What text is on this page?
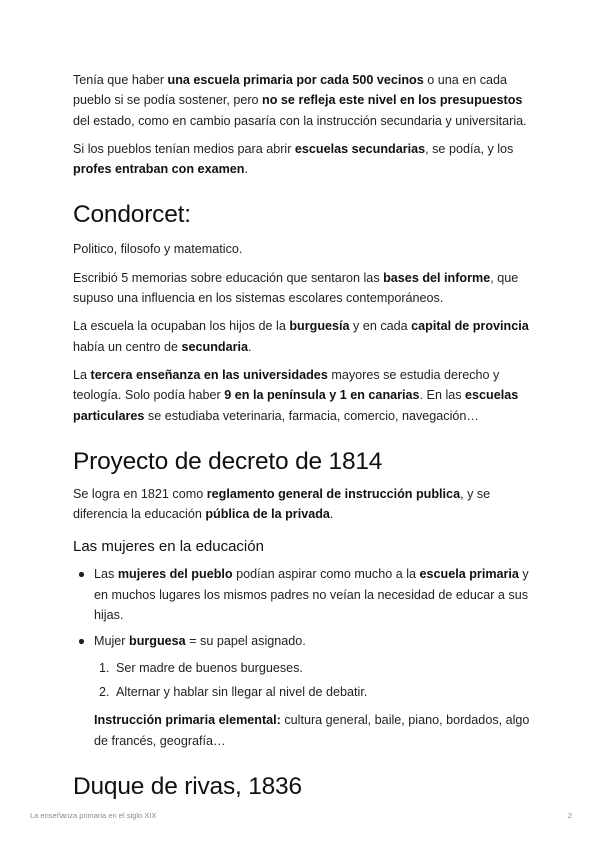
Tenía que haber una escuela primaria por cada 500 vecinos o una en cada pueblo si se podía sostener, pero no se refleja este nivel en los presupuestos del estado, como en cambio pasaría con la instrucción secundaria y universitaria.

Si los pueblos tenían medios para abrir escuelas secundarias, se podía, y los profes entraban con examen.

Condorcet:

Politico, filosofo y matematico.

Escribió 5 memorias sobre educación que sentaron las bases del informe, que supuso una influencia en los sistemas escolares contemporáneos.

La escuela la ocupaban los hijos de la burguesía y en cada capital de provincia había un centro de secundaria.

La tercera enseñanza en las universidades mayores se estudia derecho y teología. Solo podía haber 9 en la península y 1 en canarias. En las escuelas particulares se estudiaba veterinaria, farmacia, comercio, navegación…

Proyecto de decreto de 1814

Se logra en 1821 como reglamento general de instrucción publica, y se diferencia la educación pública de la privada.

Las mujeres en la educación
Las mujeres del pueblo podían aspirar como mucho a la escuela primaria y en muchos lugares los mismos padres no veían la necesidad de educar a sus hijas.
Mujer burguesa = su papel asignado.
1. Ser madre de buenos burgueses.
2. Alternar y hablar sin llegar al nivel de debatir.

Instrucción primaria elemental: cultura general, baile, piano, bordados, algo de francés, geografía…

Duque de rivas, 1836
La enseñanza primaria en el siglo XIX	2
